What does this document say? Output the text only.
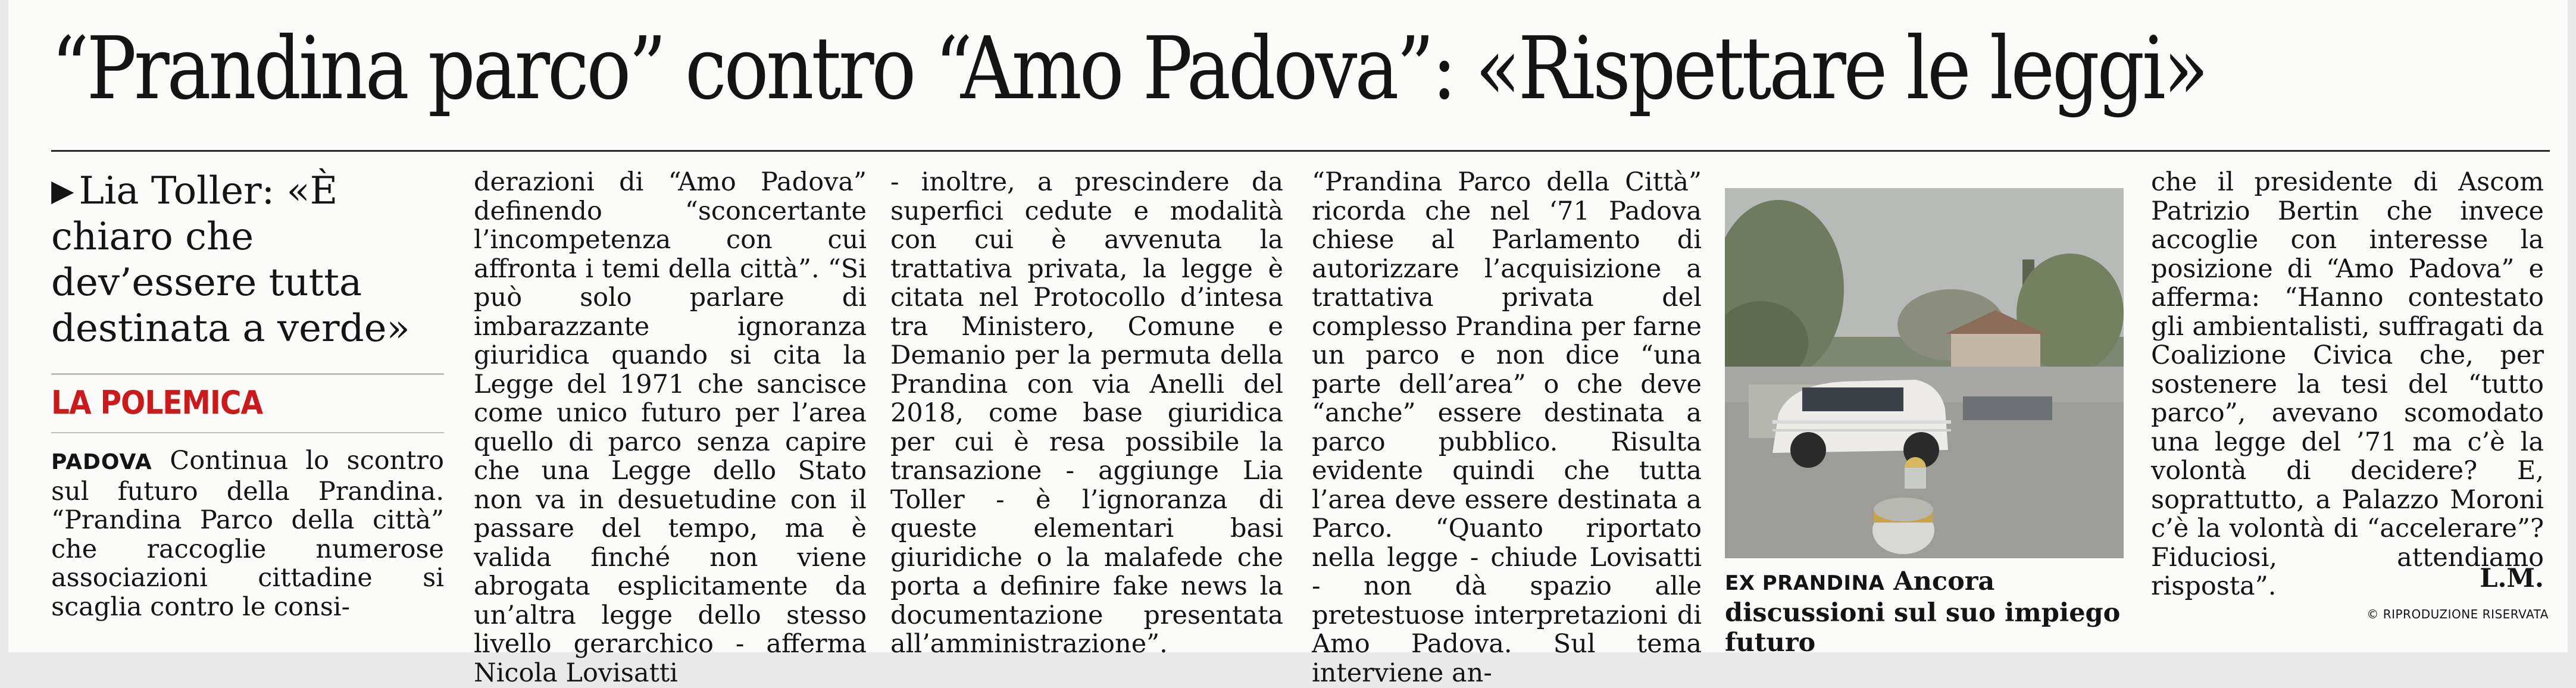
“Prandina parco” contro “Amo Padova”: «Rispettare le leggi»

▶ Lia Toller: «È chiaro che dev’essere tutta destinata a verde»

LA POLEMICA

PADOVA Continua lo scontro sul futuro della Prandina. “Prandina Parco della città” che raccoglie numerose associazioni cittadine si scaglia contro le consi-

derazioni di “Amo Padova” definendo “sconcertante l’incompetenza con cui affronta i temi della città”. “Si può solo parlare di imbarazzante ignoranza giuridica quando si cita la Legge del 1971 che sancisce come unico futuro per l’area quello di parco senza capire che una Legge dello Stato non va in desuetudine con il passare del tempo, ma è valida finché non viene abrogata esplicitamente da un’altra legge dello stesso livello gerarchico - afferma Nicola Lovisatti

- inoltre, a prescindere da superfici cedute e modalità con cui è avvenuta la trattativa privata, la legge è citata nel Protocollo d’intesa tra Ministero, Comune e Demanio per la permuta della Prandina con via Anelli del 2018, come base giuridica per cui è resa possibile la transazione - aggiunge Lia Toller - è l’ignoranza di queste elementari basi giuridiche o la malafede che porta a definire fake news la documentazione presentata all’amministrazione”.

“Prandina Parco della Città” ricorda che nel ‘71 Padova chiese al Parlamento di autorizzare l’acquisizione a trattativa privata del complesso Prandina per farne un parco e non dice “una parte dell’area” o che deve “anche” essere destinata a parco pubblico. Risulta evidente quindi che tutta l’area deve essere destinata a Parco. “Quanto riportato nella legge - chiude Lovisatti - non dà spazio alle pretestuose interpretazioni di Amo Padova. Sul tema interviene an-

EX PRANDINA Ancora discussioni sul suo impiego futuro

che il presidente di Ascom Patrizio Bertin che invece accoglie con interesse la posizione di “Amo Padova” e afferma: “Hanno contestato gli ambientalisti, suffragati da Coalizione Civica che, per sostenere la tesi del “tutto parco”, avevano scomodato una legge del ’71 ma c’è la volontà di decidere? E, soprattutto, a Palazzo Moroni c’è la volontà di “accelerare”? Fiduciosi, attendiamo risposta”.	L.M.
© RIPRODUZIONE RISERVATA
